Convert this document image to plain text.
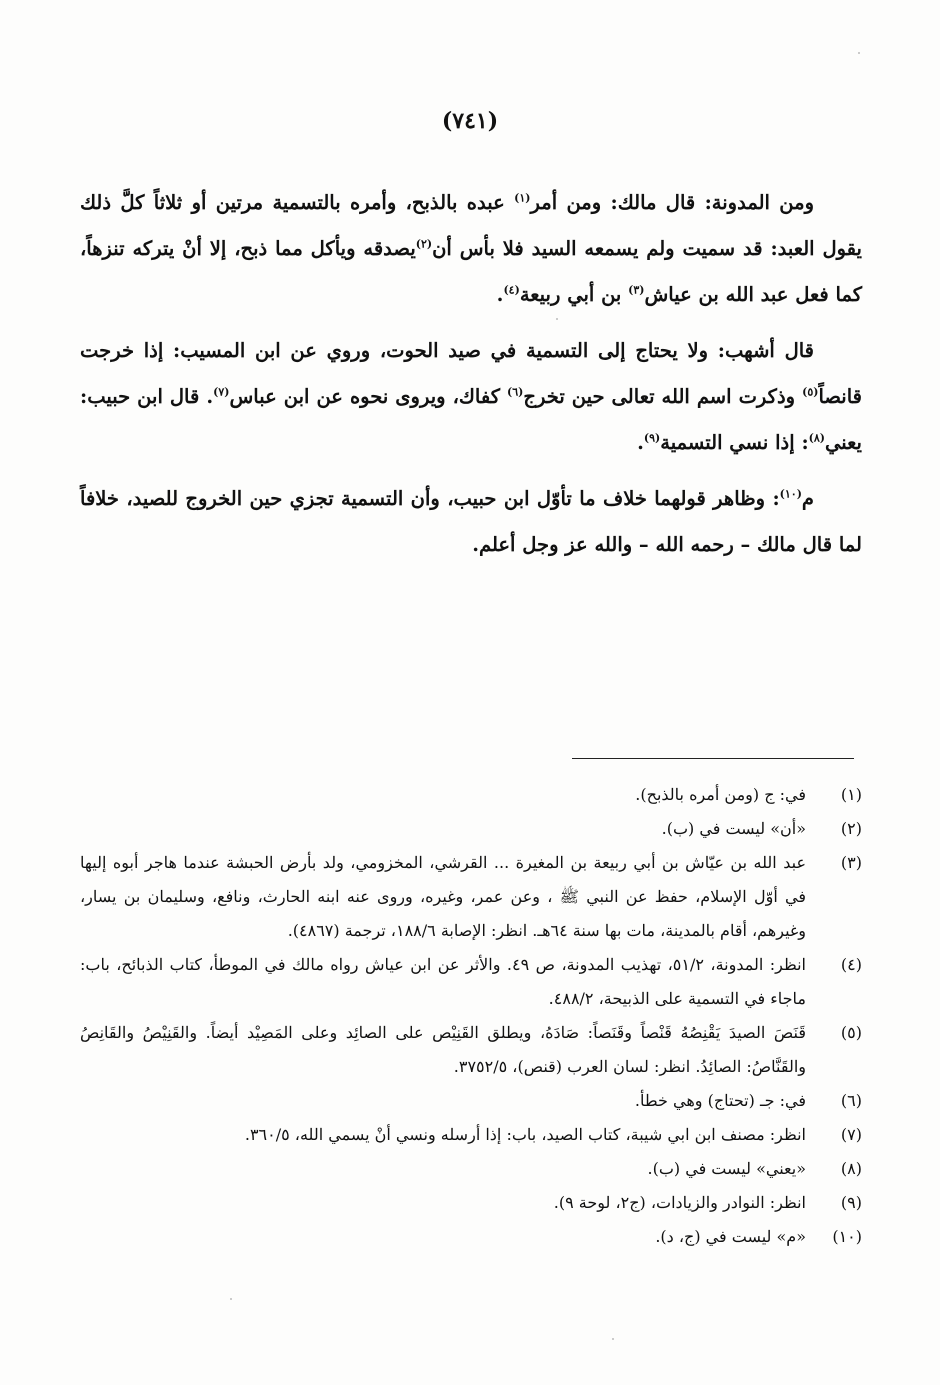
(٧٤١)

ومن المدونة: قال مالك: ومن أمر$^{(١)}$ عبده بالذبح، وأمره بالتسمية مرتين أو ثلاثاً كلَّ ذلك يقول العبد: قد سميت ولم يسمعه السيد فلا بأس أن$^{(٢)}$يصدقه ويأكل مما ذبح، إلا أنْ يتركه تنزهاً، كما فعل عبد الله بن عياش$^{(٣)}$ بن أبي ربيعة$^{(٤)}$.

قال أشهب: ولا يحتاج إلى التسمية في صيد الحوت، وروي عن ابن المسيب: إذا خرجت قانصاً$^{(٥)}$ وذكرت اسم الله تعالى حين تخرج$^{(٦)}$ كفاك، ويروى نحوه عن ابن عباس$^{(٧)}$. قال ابن حبيب: يعني$^{(٨)}$: إذا نسي التسمية$^{(٩)}$.

م$^{(١٠)}$: وظاهر قولهما خلاف ما تأوّل ابن حبيب، وأن التسمية تجزي حين الخروج للصيد، خلافاً لما قال مالك – رحمه الله – والله عز وجل أعلم.

(١)
في: ج (ومن أمره بالذبح).
(٢)
«أن» ليست في (ب).
(٣)
عبد الله بن عيّاش بن أبي ربيعة بن المغيرة ... القرشي، المخزومي، ولد بأرض الحبشة عندما هاجر أبوه إليها في أوّل الإسلام، حفظ عن النبي ﷺ ، وعن عمر، وغيره، وروى عنه ابنه الحارث، ونافع، وسليمان بن يسار، وغيرهم، أقام بالمدينة، مات بها سنة ٦٤هـ. انظر: الإصابة ١٨٨/٦، ترجمة (٤٨٦٧).
(٤)
انظر: المدونة، ٥١/٢، تهذيب المدونة، ص ٤٩. والأثر عن ابن عياش رواه مالك في الموطأ، كتاب الذبائح، باب: ماجاء في التسمية على الذبيحة، ٤٨٨/٢.
(٥)
قَنَصَ الصيدَ يَقْنِصُهُ قَنْصاً وقَنَصاً: صَادَهُ، ويطلق القَنِيْص على الصائِد وعلى المَصِيْد أيضاً. والقَنِيْصُ والقَانِصُ والقَنَّاصُ: الصائِدُ. انظر: لسان العرب (قنص)، ٣٧٥٢/٥.
(٦)
في: جـ (تحتاج) وهي خطأ.
(٧)
انظر: مصنف ابن ابي شيبة، كتاب الصيد، باب: إذا أرسله ونسي أنْ يسمي الله، ٣٦٠/٥.
(٨)
«يعني» ليست في (ب).
(٩)
انظر: النوادر والزيادات، (ج٢، لوحة ٩).
(١٠)
«م» ليست في (ج، د).
